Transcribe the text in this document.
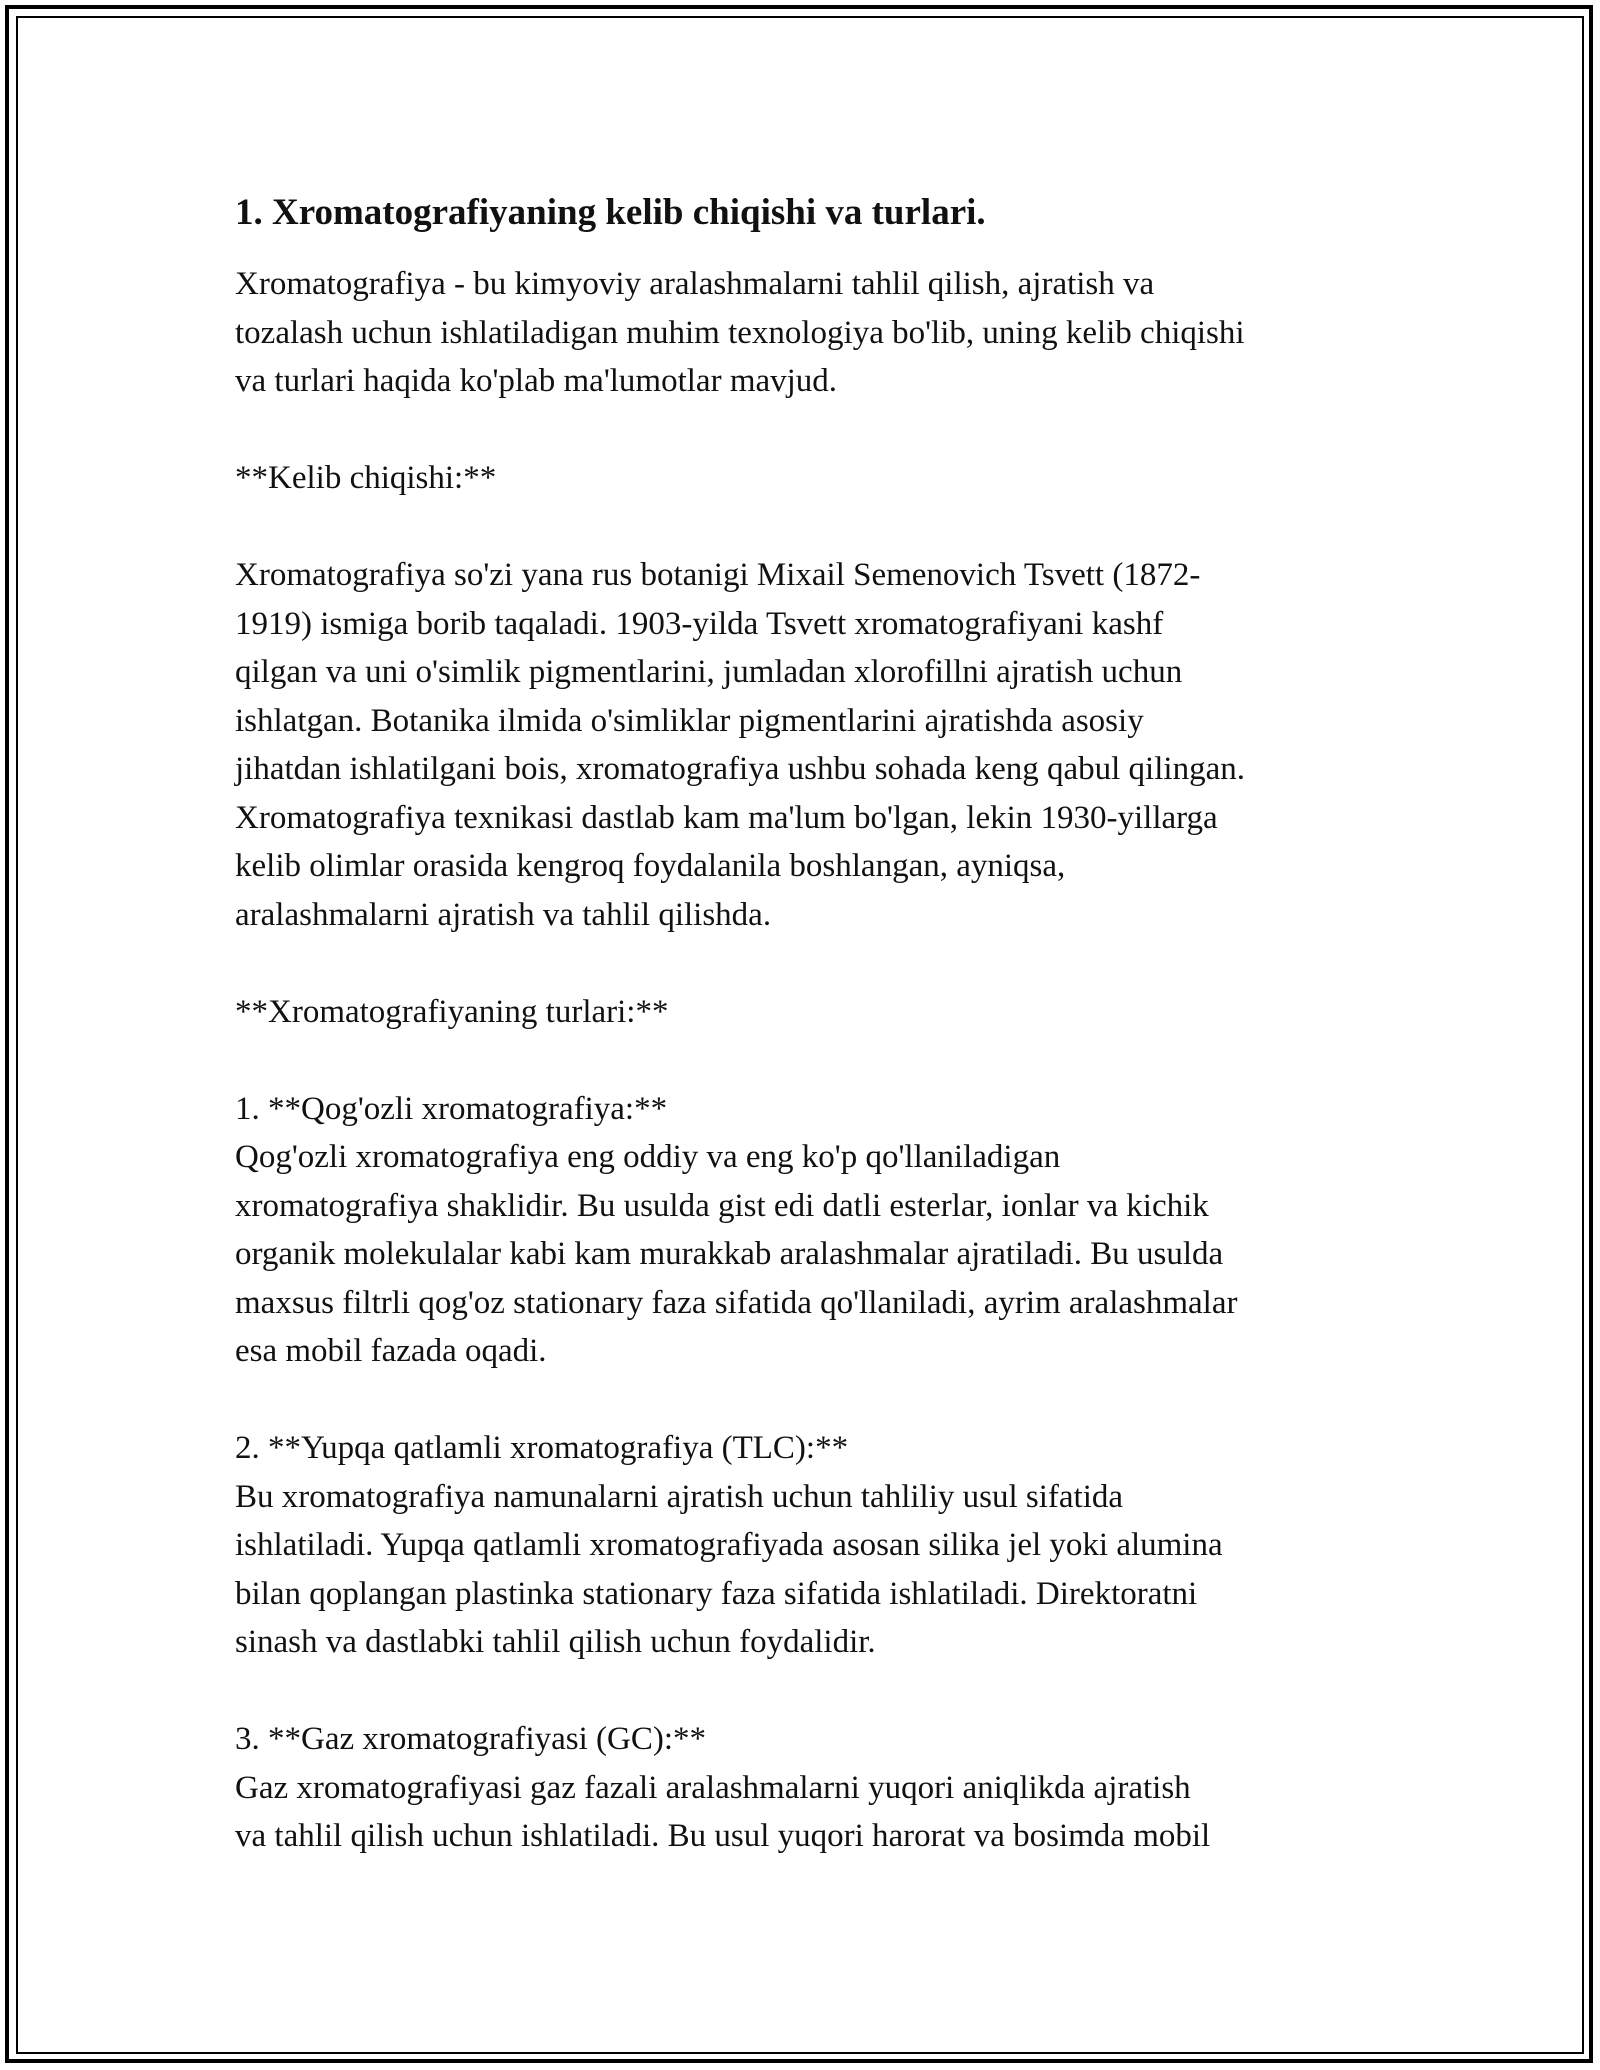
1. Xromatografiyaning kelib chiqishi va turlari.
Xromatografiya - bu kimyoviy aralashmalarni tahlil qilish, ajratish va
tozalash uchun ishlatiladigan muhim texnologiya bo'lib, uning kelib chiqishi
va turlari haqida ko'plab ma'lumotlar mavjud.
**Kelib chiqishi:**
Xromatografiya so'zi yana rus botanigi Mixail Semenovich Tsvett (1872-
1919) ismiga borib taqaladi. 1903-yilda Tsvett xromatografiyani kashf
qilgan va uni o'simlik pigmentlarini, jumladan xlorofillni ajratish uchun
ishlatgan. Botanika ilmida o'simliklar pigmentlarini ajratishda asosiy
jihatdan ishlatilgani bois, xromatografiya ushbu sohada keng qabul qilingan.
Xromatografiya texnikasi dastlab kam ma'lum bo'lgan, lekin 1930-yillarga
kelib olimlar orasida kengroq foydalanila boshlangan, ayniqsa,
aralashmalarni ajratish va tahlil qilishda.
**Xromatografiyaning turlari:**
1. **Qog'ozli xromatografiya:**
Qog'ozli xromatografiya eng oddiy va eng ko'p qo'llaniladigan
xromatografiya shaklidir. Bu usulda gist edi datli esterlar, ionlar va kichik
organik molekulalar kabi kam murakkab aralashmalar ajratiladi. Bu usulda
maxsus filtrli qog'oz stationary faza sifatida qo'llaniladi, ayrim aralashmalar
esa mobil fazada oqadi.
2. **Yupqa qatlamli xromatografiya (TLC):**
Bu xromatografiya namunalarni ajratish uchun tahliliy usul sifatida
ishlatiladi. Yupqa qatlamli xromatografiyada asosan silika jel yoki alumina
bilan qoplangan plastinka stationary faza sifatida ishlatiladi. Direktoratni
sinash va dastlabki tahlil qilish uchun foydalidir.
3. **Gaz xromatografiyasi (GC):**
Gaz xromatografiyasi gaz fazali aralashmalarni yuqori aniqlikda ajratish
va tahlil qilish uchun ishlatiladi. Bu usul yuqori harorat va bosimda mobil
